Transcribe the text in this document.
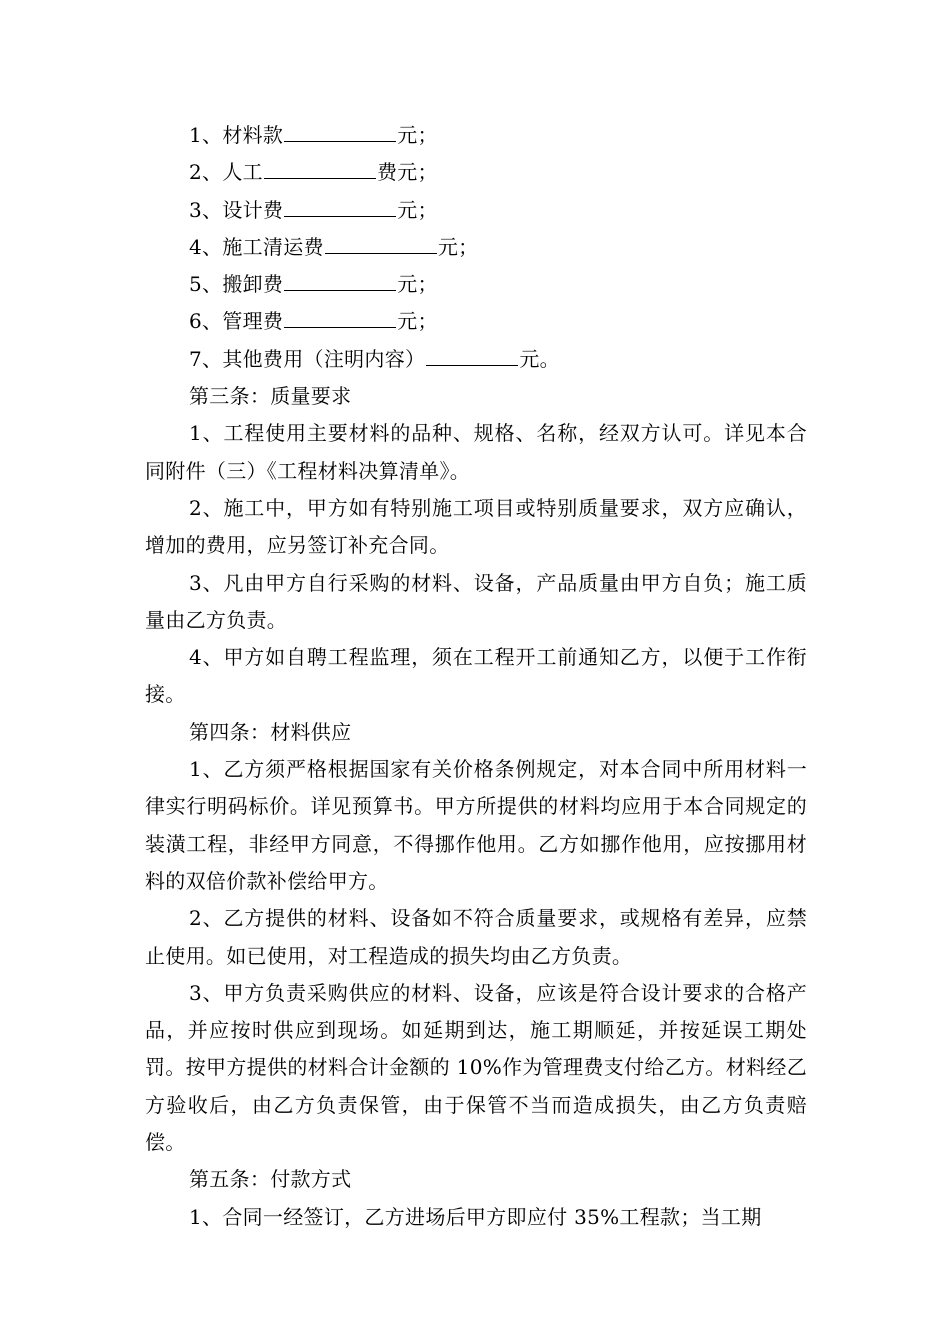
1、材料款	元；

2、人工	费元；

3、设计费	元；

4、施工清运费	元；

5、搬卸费	元；

6、管理费	元；

7、其他费用（注明内容）	元。

第三条：质量要求

1、工程使用主要材料的品种、规格、名称，经双方认可。详见本合同附件（三）《工程材料决算清单》。

2、施工中，甲方如有特别施工项目或特别质量要求，双方应确认，增加的费用，应另签订补充合同。

3、凡由甲方自行采购的材料、设备，产品质量由甲方自负；施工质量由乙方负责。

4、甲方如自聘工程监理，须在工程开工前通知乙方，以便于工作衔接。

第四条：材料供应

1、乙方须严格根据国家有关价格条例规定，对本合同中所用材料一律实行明码标价。详见预算书。甲方所提供的材料均应用于本合同规定的装潢工程，非经甲方同意，不得挪作他用。乙方如挪作他用，应按挪用材料的双倍价款补偿给甲方。

2、乙方提供的材料、设备如不符合质量要求，或规格有差异，应禁止使用。如已使用，对工程造成的损失均由乙方负责。

3、甲方负责采购供应的材料、设备，应该是符合设计要求的合格产品，并应按时供应到现场。如延期到达，施工期顺延，并按延误工期处罚。按甲方提供的材料合计金额的 10%作为管理费支付给乙方。材料经乙方验收后，由乙方负责保管，由于保管不当而造成损失，由乙方负责赔偿。

第五条：付款方式

1、合同一经签订，乙方进场后甲方即应付 35%工程款；当工期
